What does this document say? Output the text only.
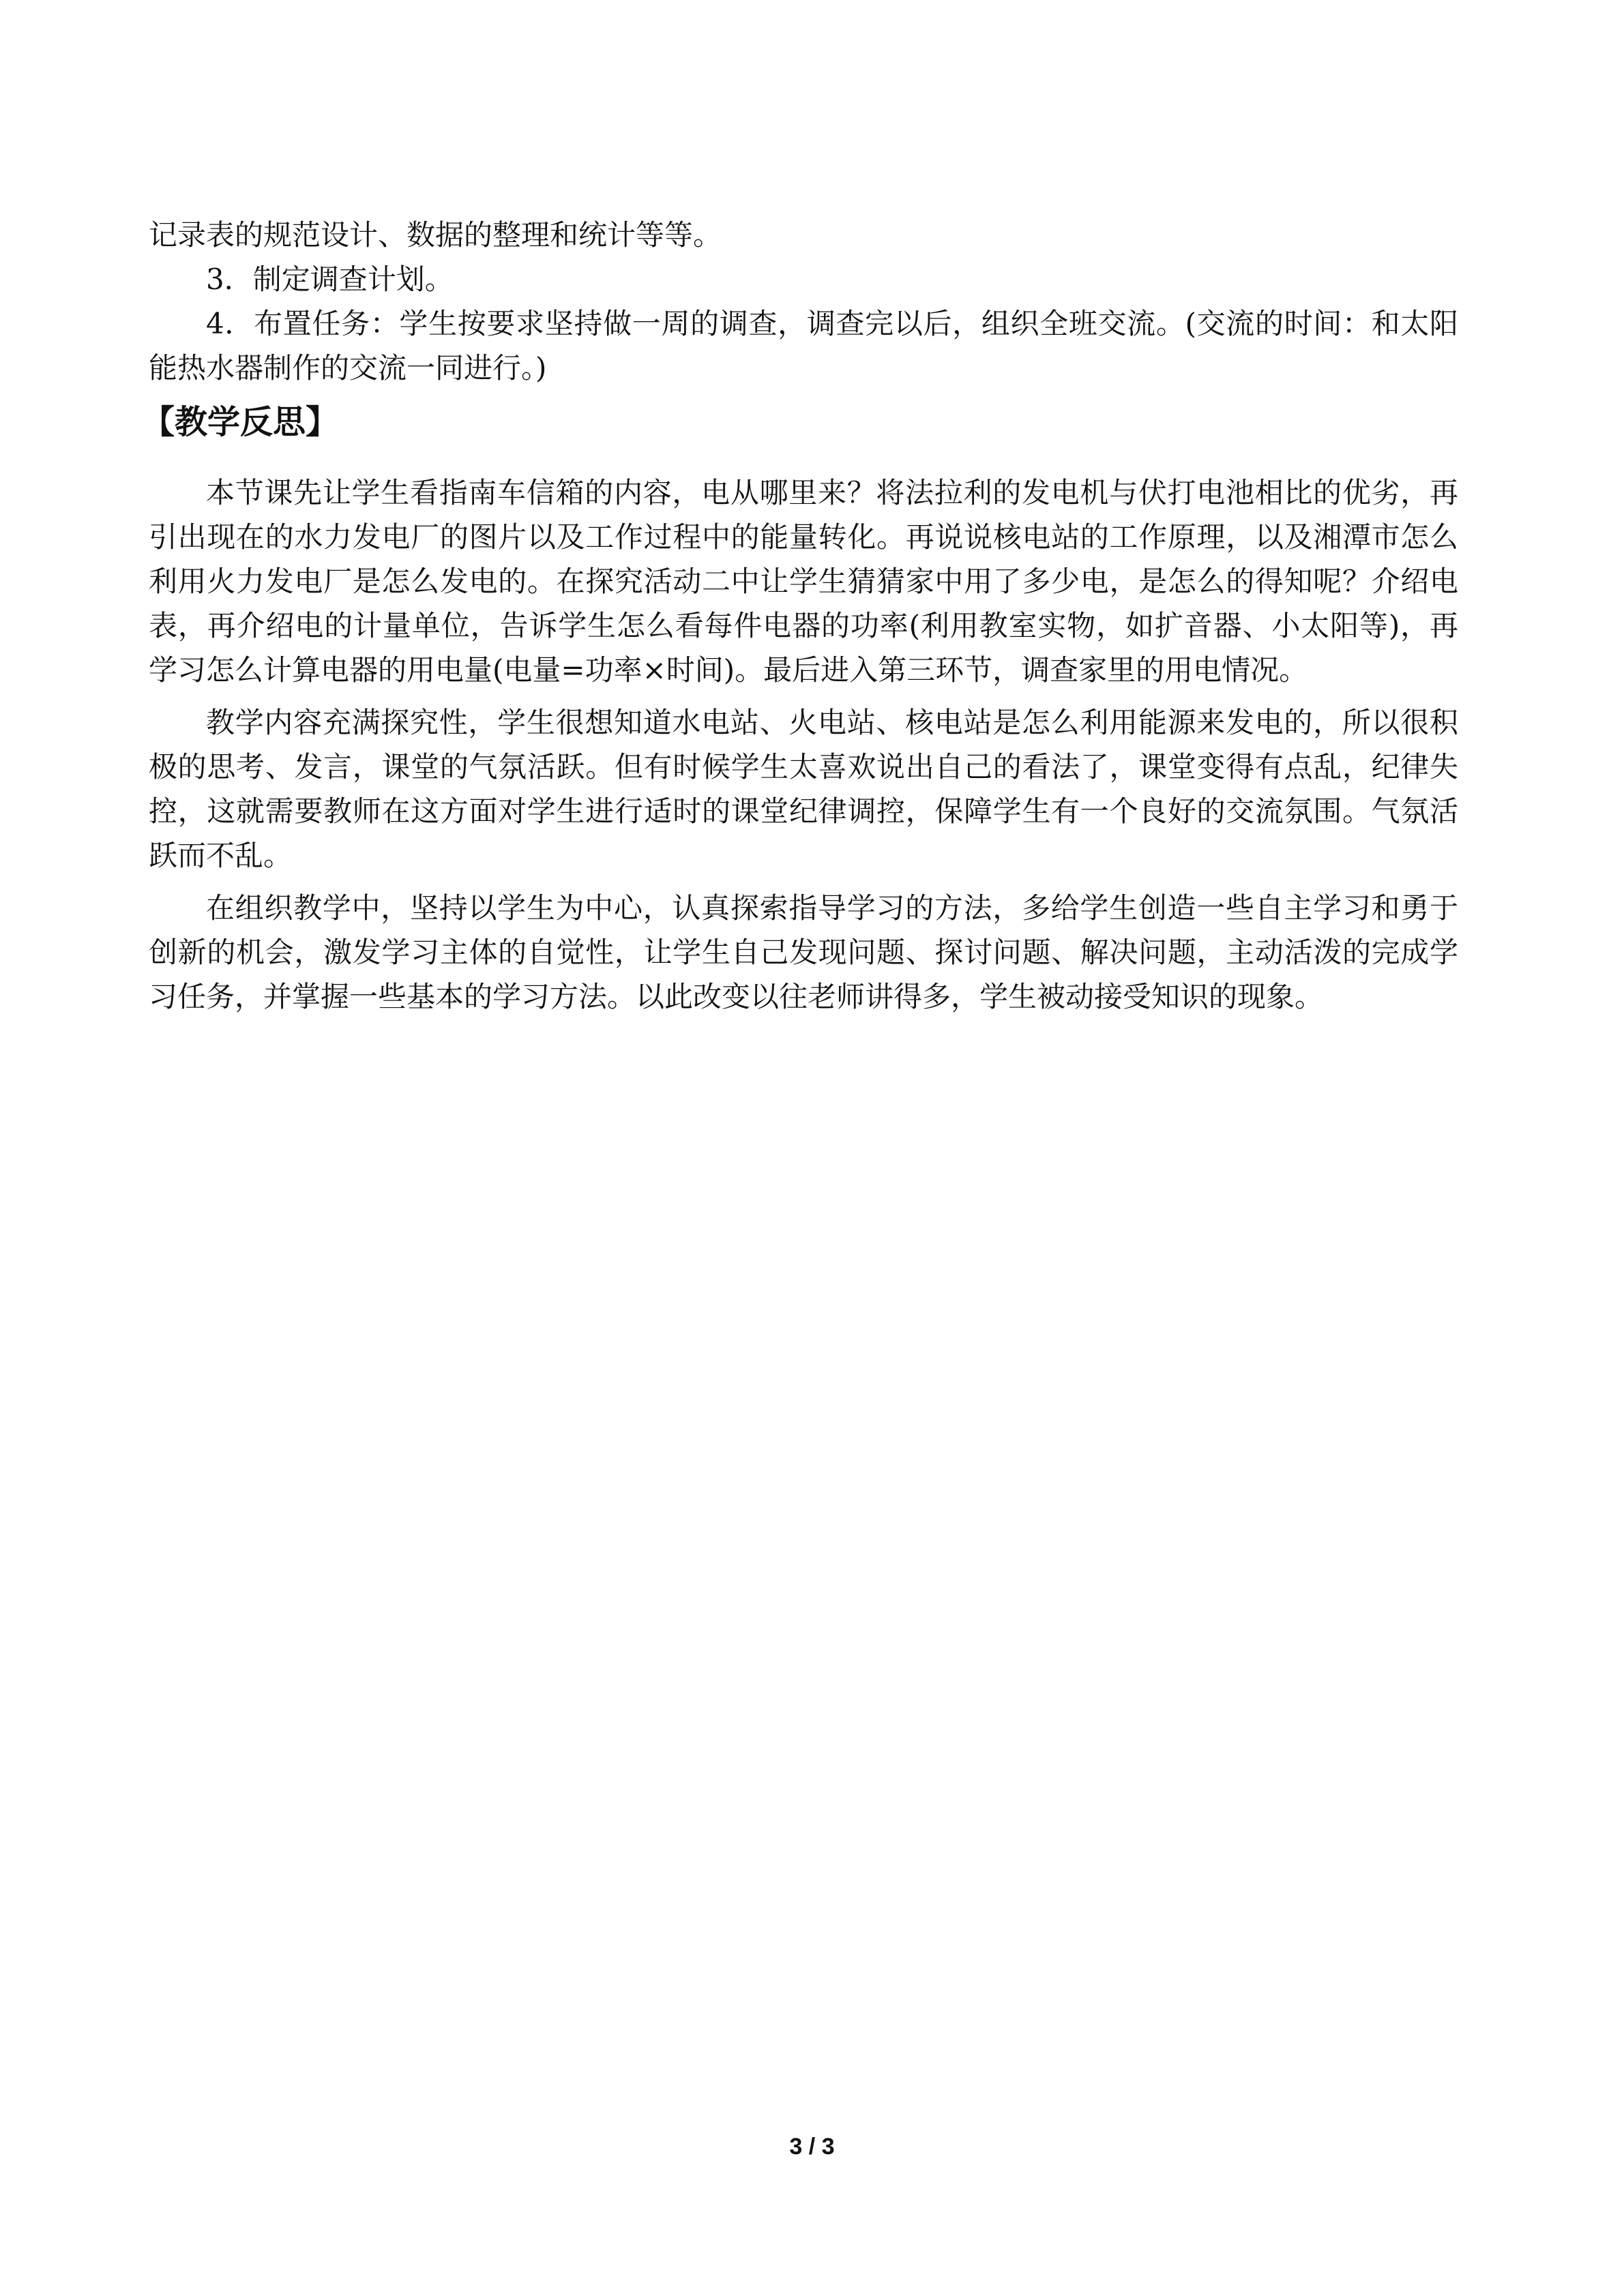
记录表的规范设计、数据的整理和统计等等。

3．制定调查计划。

4．布置任务：学生按要求坚持做一周的调查，调查完以后，组织全班交流。(交流的时间：和太阳能热水器制作的交流一同进行。)

【教学反思】

本节课先让学生看指南车信箱的内容，电从哪里来？将法拉利的发电机与伏打电池相比的优劣，再引出现在的水力发电厂的图片以及工作过程中的能量转化。再说说核电站的工作原理，以及湘潭市怎么利用火力发电厂是怎么发电的。在探究活动二中让学生猜猜家中用了多少电，是怎么的得知呢？介绍电表，再介绍电的计量单位，告诉学生怎么看每件电器的功率(利用教室实物，如扩音器、小太阳等)，再学习怎么计算电器的用电量(电量=功率×时间)。最后进入第三环节，调查家里的用电情况。

教学内容充满探究性，学生很想知道水电站、火电站、核电站是怎么利用能源来发电的，所以很积极的思考、发言，课堂的气氛活跃。但有时候学生太喜欢说出自己的看法了，课堂变得有点乱，纪律失控，这就需要教师在这方面对学生进行适时的课堂纪律调控，保障学生有一个良好的交流氛围。气氛活跃而不乱。

在组织教学中，坚持以学生为中心，认真探索指导学习的方法，多给学生创造一些自主学习和勇于创新的机会，激发学习主体的自觉性，让学生自己发现问题、探讨问题、解决问题，主动活泼的完成学习任务，并掌握一些基本的学习方法。以此改变以往老师讲得多，学生被动接受知识的现象。

3 / 3
